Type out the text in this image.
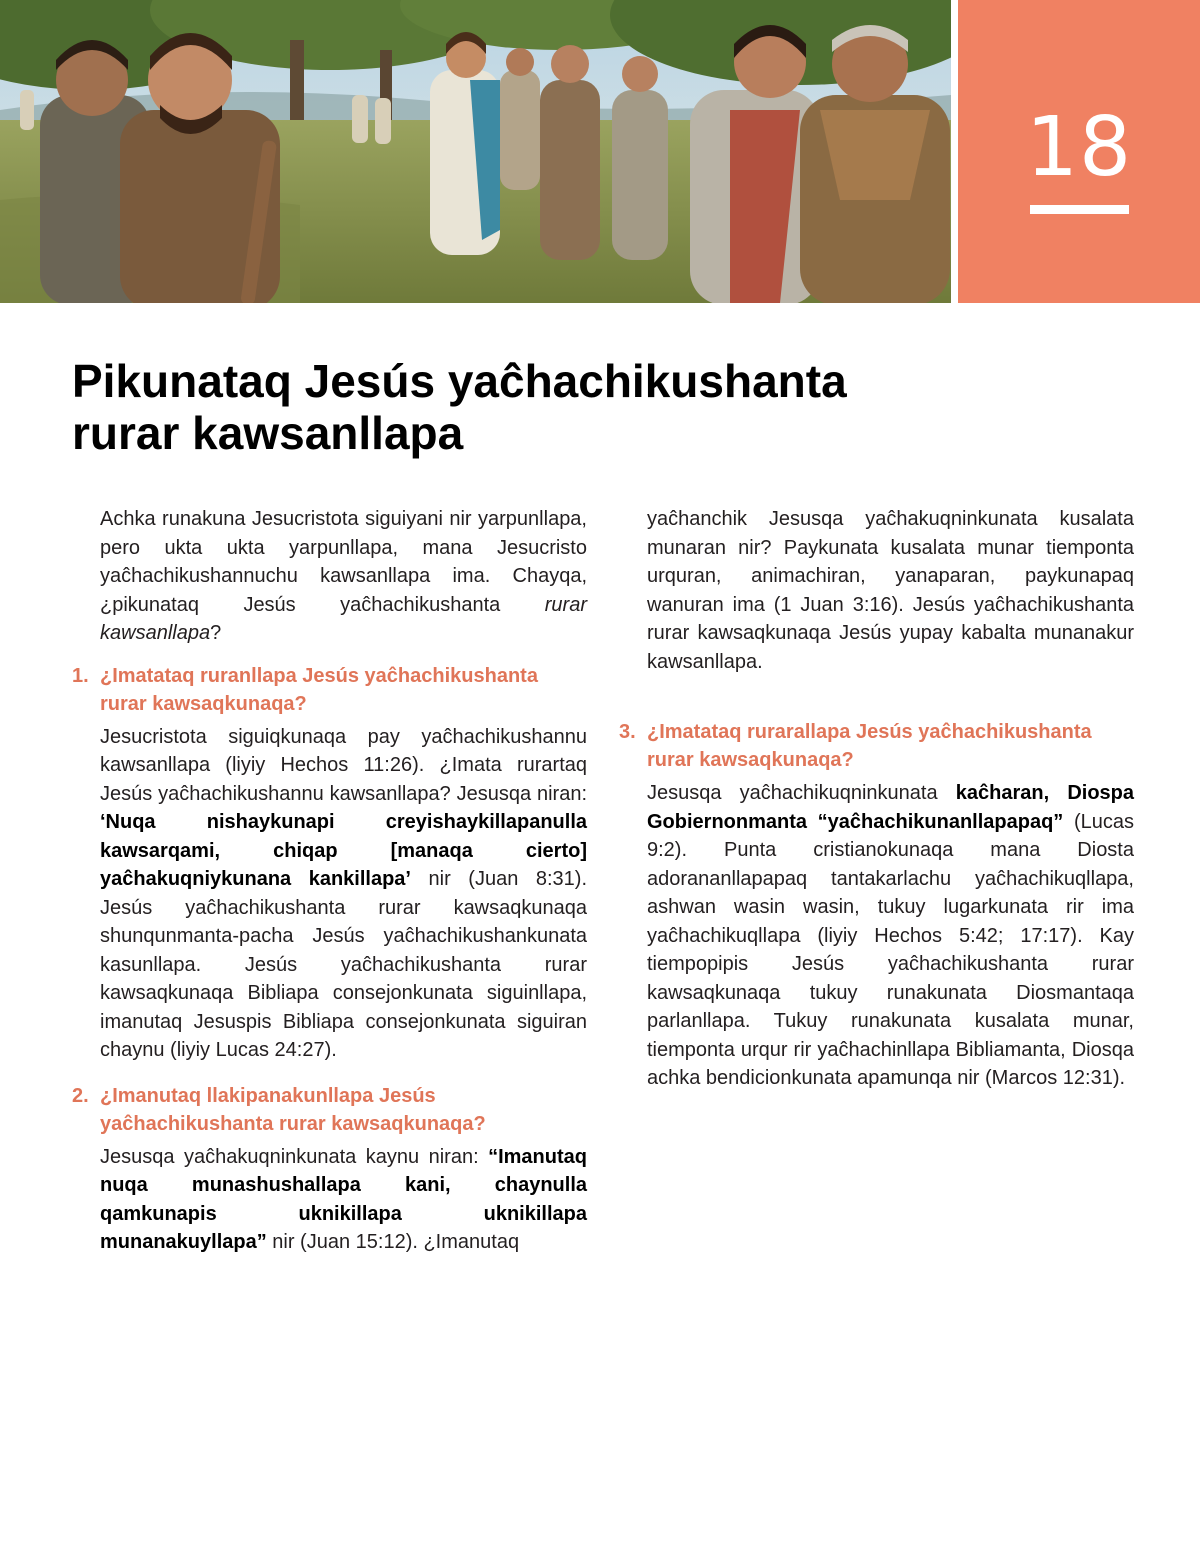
18
Pikunataq Jesús yaĉhachikushanta
rurar kawsanllapa

Achka runakuna Jesucristota siguiyani nir yarpunllapa, pero ukta ukta yarpunllapa, mana Jesucristo yaĉhachikushannuchu kawsanllapa ima. Chayqa, ¿pikunataq Jesús yaĉhachikushanta rurar kawsanllapa?

1. ¿Imatataq ruranllapa Jesús yaĉhachikushanta rurar kawsaqkunaqa?

Jesucristota siguiqkunaqa pay yaĉhachikushannu kawsanllapa (liyiy Hechos 11:26). ¿Imata rurartaq Jesús yaĉhachikushannu kawsanllapa? Jesusqa niran: ‘Nuqa nishaykunapi creyishaykillapanulla kawsarqami, chiqap [manaqa cierto] yaĉhakuqniykunana kankillapa’ nir (Juan 8:31). Jesús yaĉhachikushanta rurar kawsaqkunaqa shunqunmanta-pacha Jesús yaĉhachikushankunata kasunllapa. Jesús yaĉhachikushanta rurar kawsaqkunaqa Bibliapa consejonkunata siguinllapa, imanutaq Jesuspis Bibliapa consejonkunata siguiran chaynu (liyiy Lucas 24:27).

2. ¿Imanutaq llakipanakunllapa Jesús yaĉhachikushanta rurar kawsaqkunaqa?

Jesusqa yaĉhakuqninkunata kaynu niran: “Imanutaq nuqa munashushallapa kani, chaynulla qamkunapis uknikillapa uknikillapa munanakuyllapa” nir (Juan 15:12). ¿Imanutaq

yaĉhanchik Jesusqa yaĉhakuqninkunata kusalata munaran nir? Paykunata kusalata munar tiemponta urquran, animachiran, yanaparan, paykunapaq wanuran ima (1 Juan 3:16). Jesús yaĉhachikushanta rurar kawsaqkunaqa Jesús yupay kabalta munanakur kawsanllapa.

3. ¿Imatataq rurarallapa Jesús yaĉhachikushanta rurar kawsaqkunaqa?

Jesusqa yaĉhachikuqninkunata kaĉharan, Diospa Gobiernonmanta “yaĉhachikunanllapapaq” (Lucas 9:2). Punta cristianokunaqa mana Diosta adorananllapapaq tantakarlachu yaĉhachikuqllapa, ashwan wasin wasin, tukuy lugarkunata rir ima yaĉhachikuqllapa (liyiy Hechos 5:42; 17:17). Kay tiempopipis Jesús yaĉhachikushanta rurar kawsaqkunaqa tukuy runakunata Diosmantaqa parlanllapa. Tukuy runakunata kusalata munar, tiemponta urqur rir yaĉhachinllapa Bibliamanta, Diosqa achka bendicionkunata apamunqa nir (Marcos 12:31).
